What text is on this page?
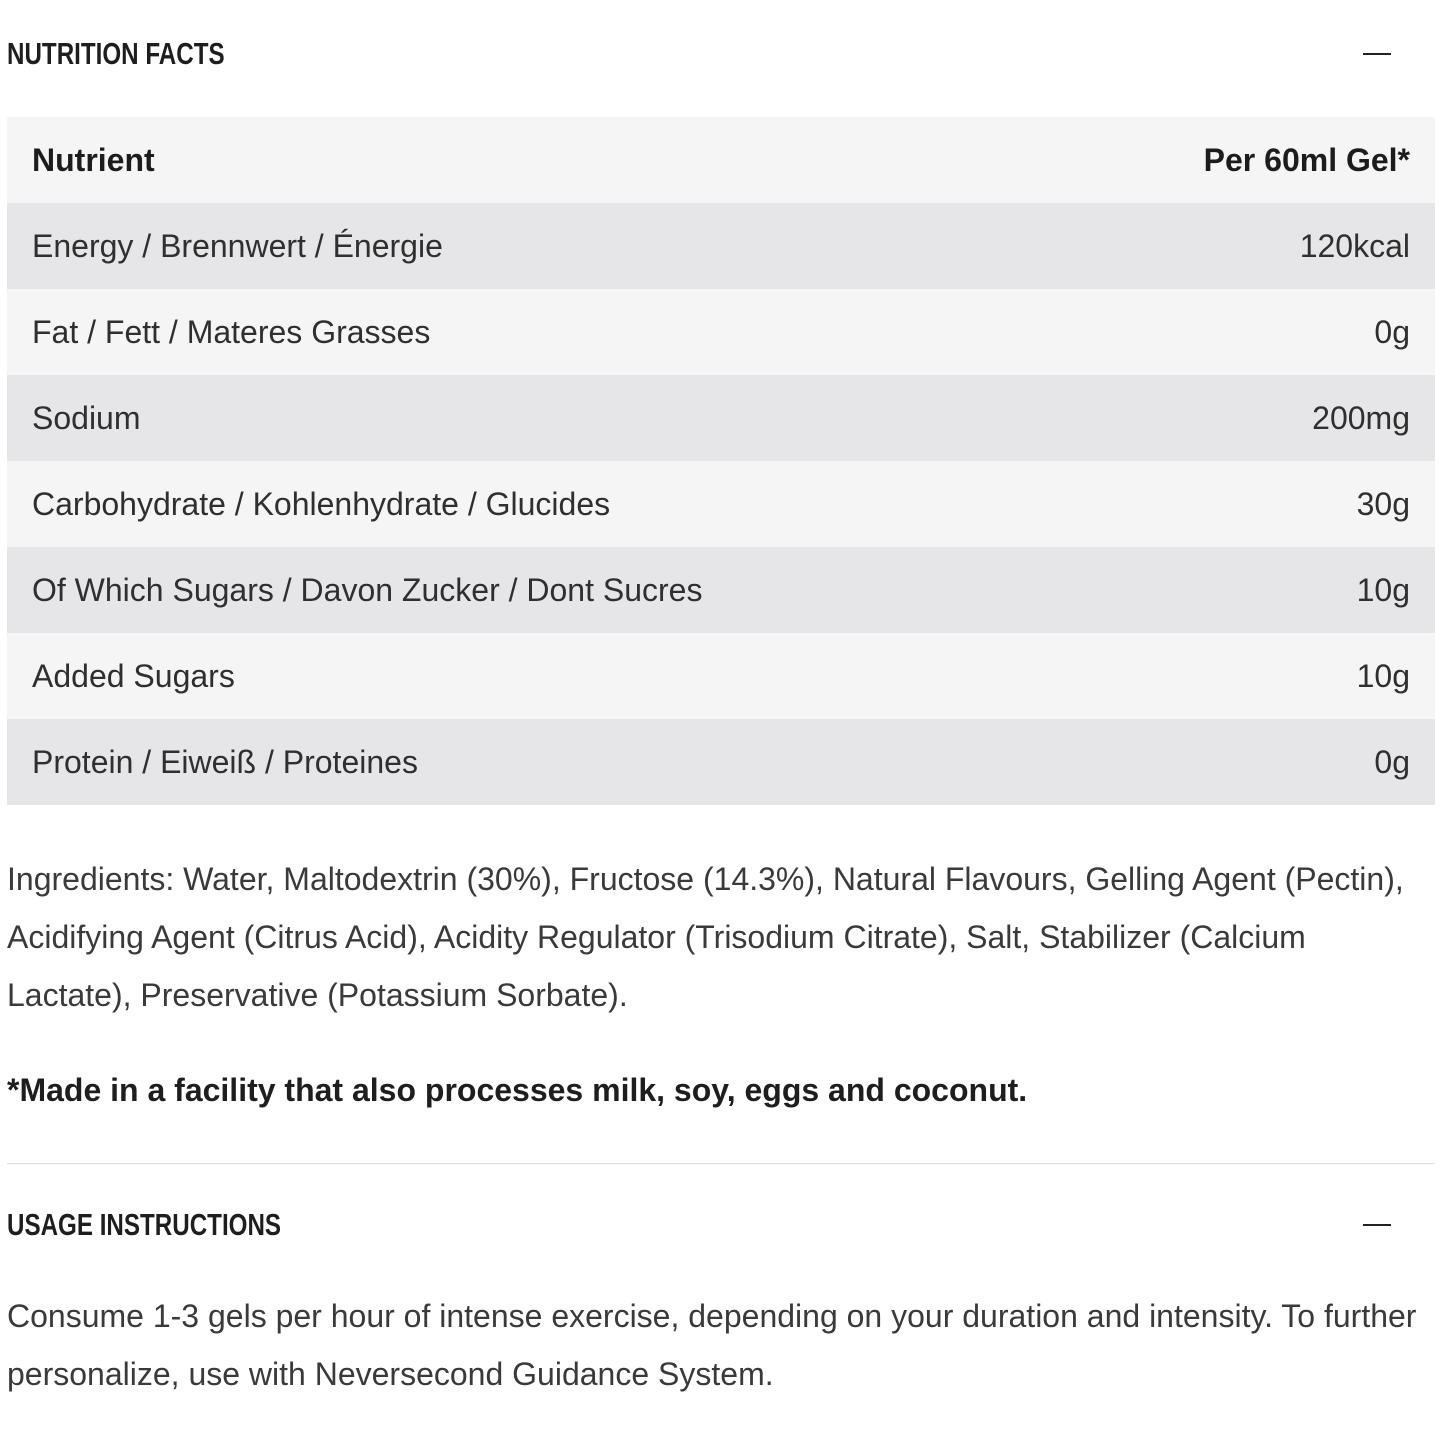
NUTRITION FACTS
Nutrient	Per 60ml Gel*
Energy / Brennwert / Énergie	120kcal
Fat / Fett / Materes Grasses	0g
Sodium	200mg
Carbohydrate / Kohlenhydrate / Glucides	30g
Of Which Sugars / Davon Zucker / Dont Sucres	10g
Added Sugars	10g
Protein / Eiweiß / Proteines	0g

Ingredients: Water, Maltodextrin (30%), Fructose (14.3%), Natural Flavours, Gelling Agent (Pectin), Acidifying Agent (Citrus Acid), Acidity Regulator (Trisodium Citrate), Salt, Stabilizer (Calcium Lactate), Preservative (Potassium Sorbate).

*Made in a facility that also processes milk, soy, eggs and coconut.

USAGE INSTRUCTIONS

Consume 1-3 gels per hour of intense exercise, depending on your duration and intensity. To further personalize, use with Neversecond Guidance System.
